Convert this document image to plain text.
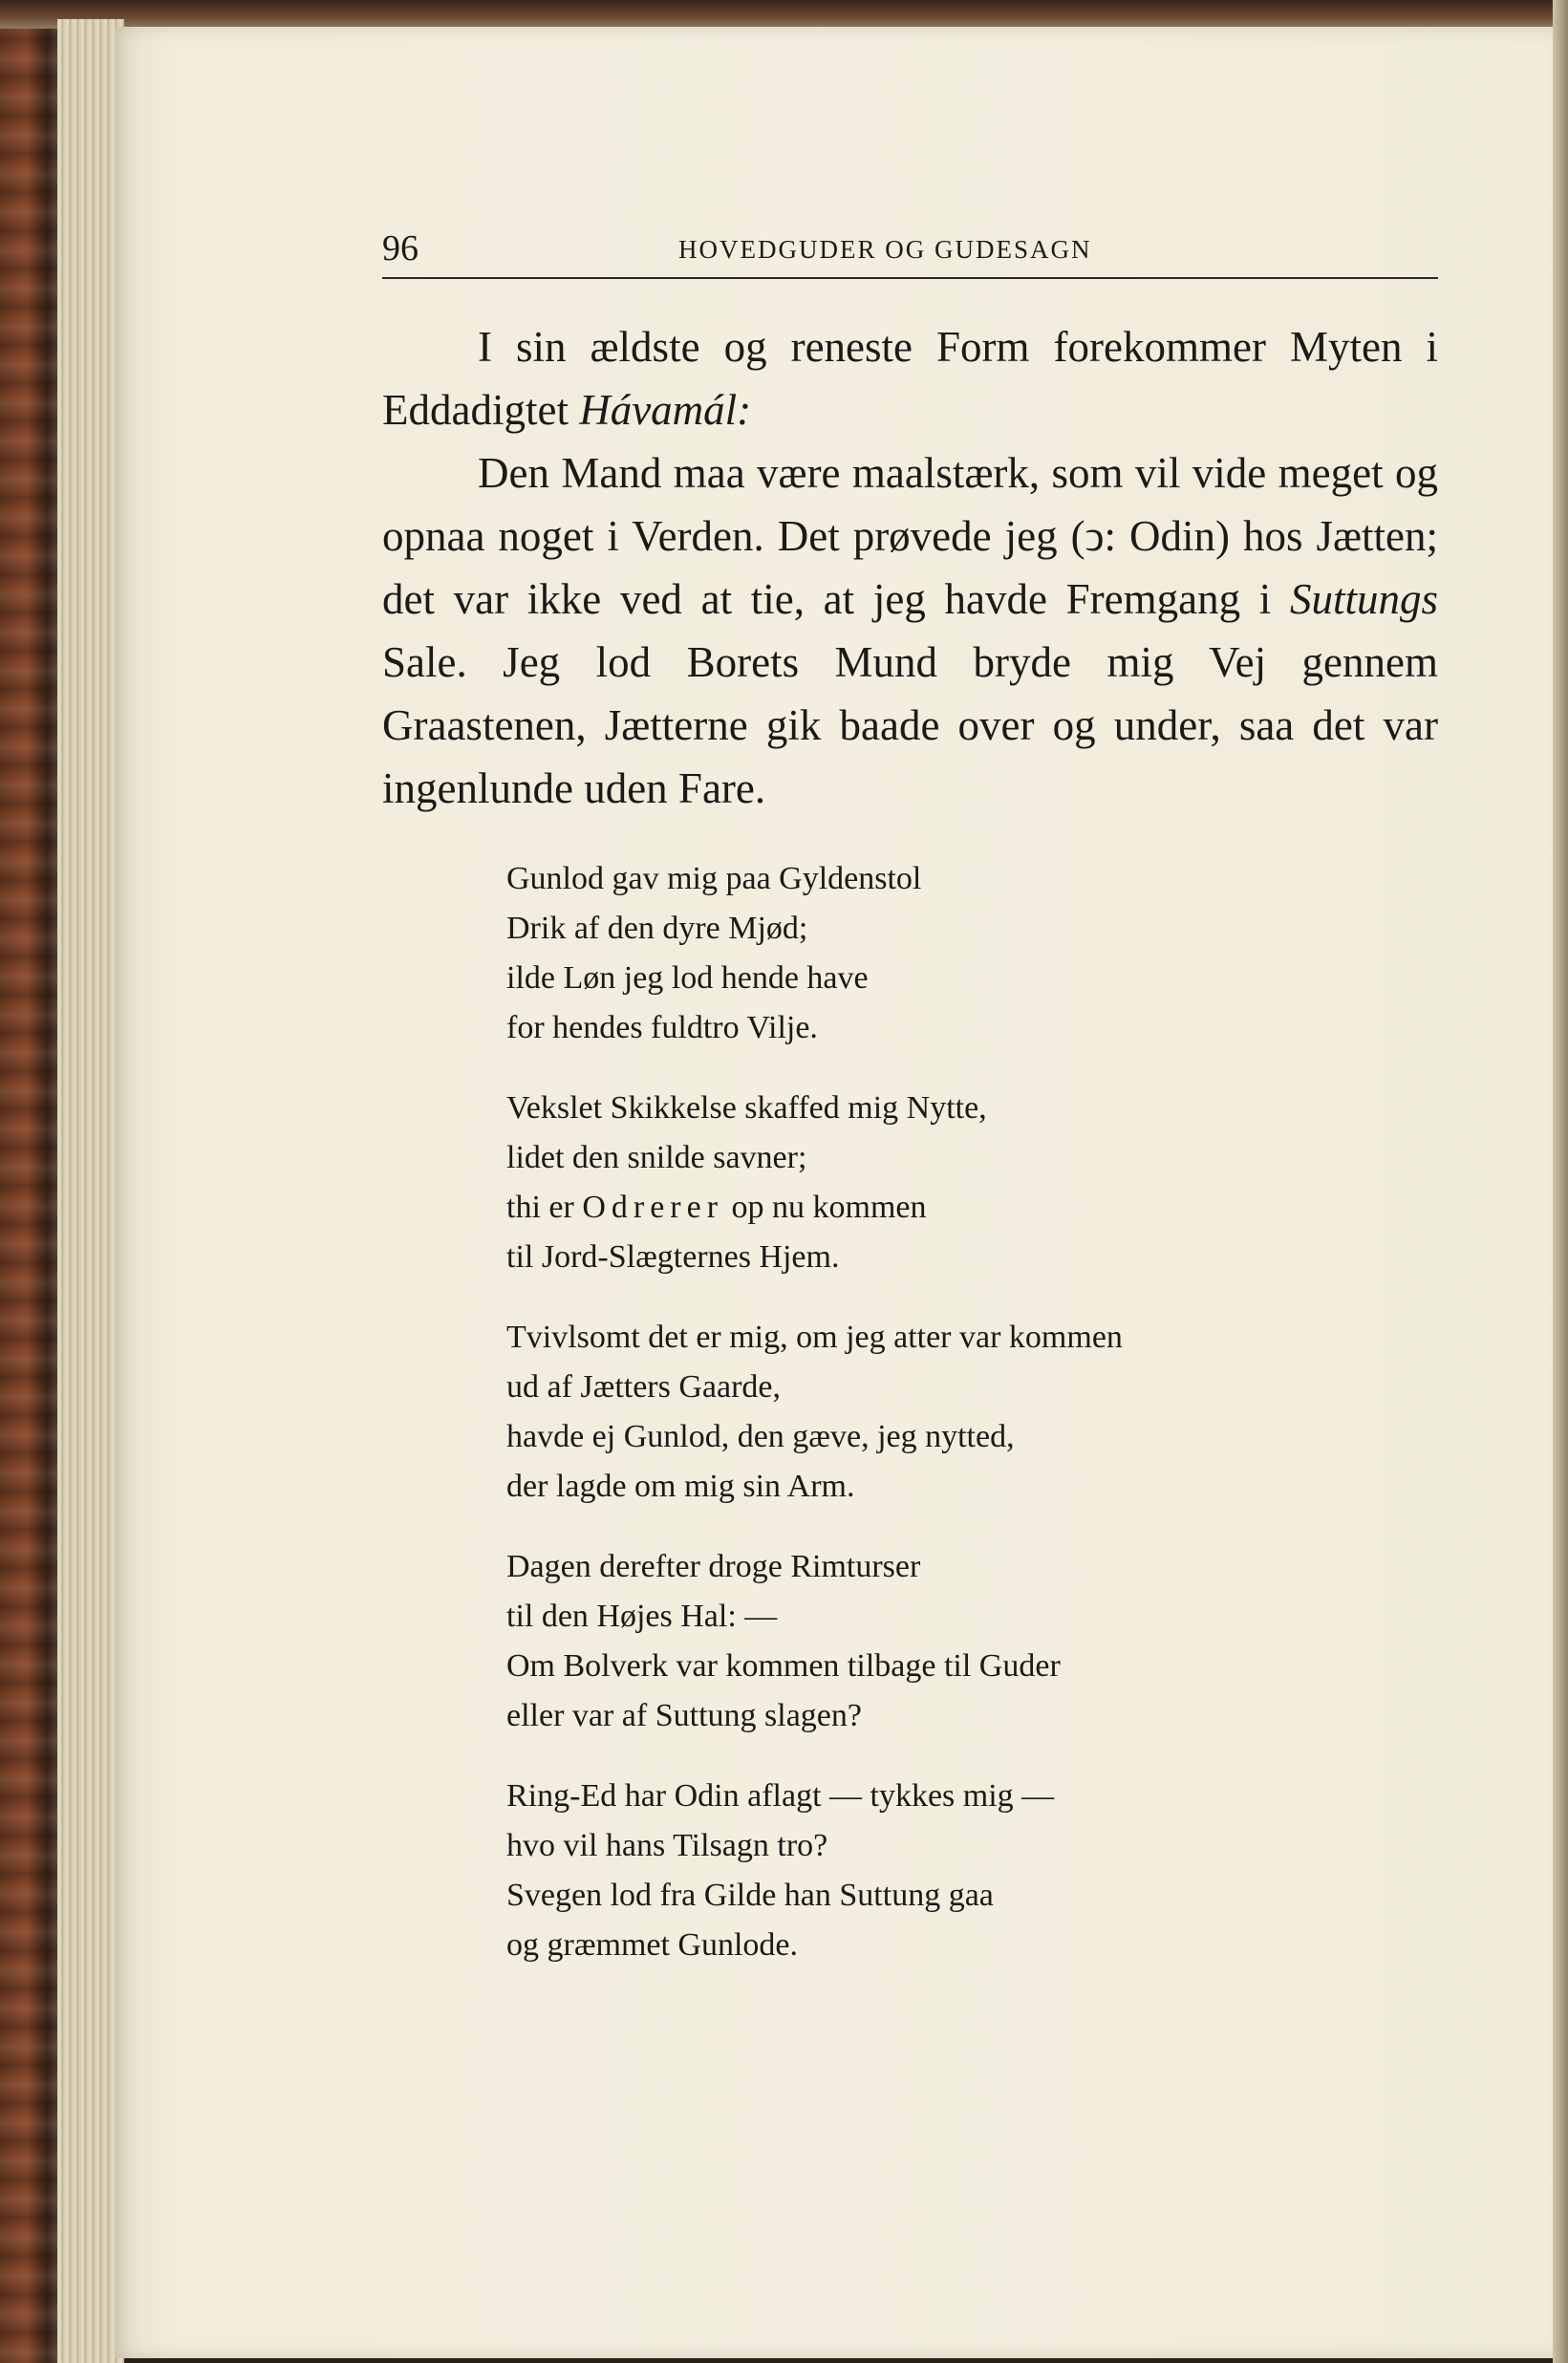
96	HOVEDGUDER OG GUDESAGN

I sin ældste og reneste Form forekommer Myten i Eddadigtet Hávamál:

Den Mand maa være maalstærk, som vil vide meget og opnaa noget i Verden. Det prøvede jeg (ↄ: Odin) hos Jætten; det var ikke ved at tie, at jeg havde Fremgang i Suttungs Sale. Jeg lod Borets Mund bryde mig Vej gennem Graastenen, Jætterne gik baade over og under, saa det var ingenlunde uden Fare.

Gunlod gav mig paa Gyldenstol
Drik af den dyre Mjød;
ilde Løn jeg lod hende have
for hendes fuldtro Vilje.
Vekslet Skikkelse skaffed mig Nytte,
lidet den snilde savner;
thi er Odrerer op nu kommen
til Jord-Slægternes Hjem.
Tvivlsomt det er mig, om jeg atter var kommen
ud af Jætters Gaarde,
havde ej Gunlod, den gæve, jeg nytted,
der lagde om mig sin Arm.
Dagen derefter droge Rimturser
til den Højes Hal: —
Om Bolverk var kommen tilbage til Guder
eller var af Suttung slagen?
Ring-Ed har Odin aflagt — tykkes mig —
hvo vil hans Tilsagn tro?
Svegen lod fra Gilde han Suttung gaa
og græmmet Gunlode.
